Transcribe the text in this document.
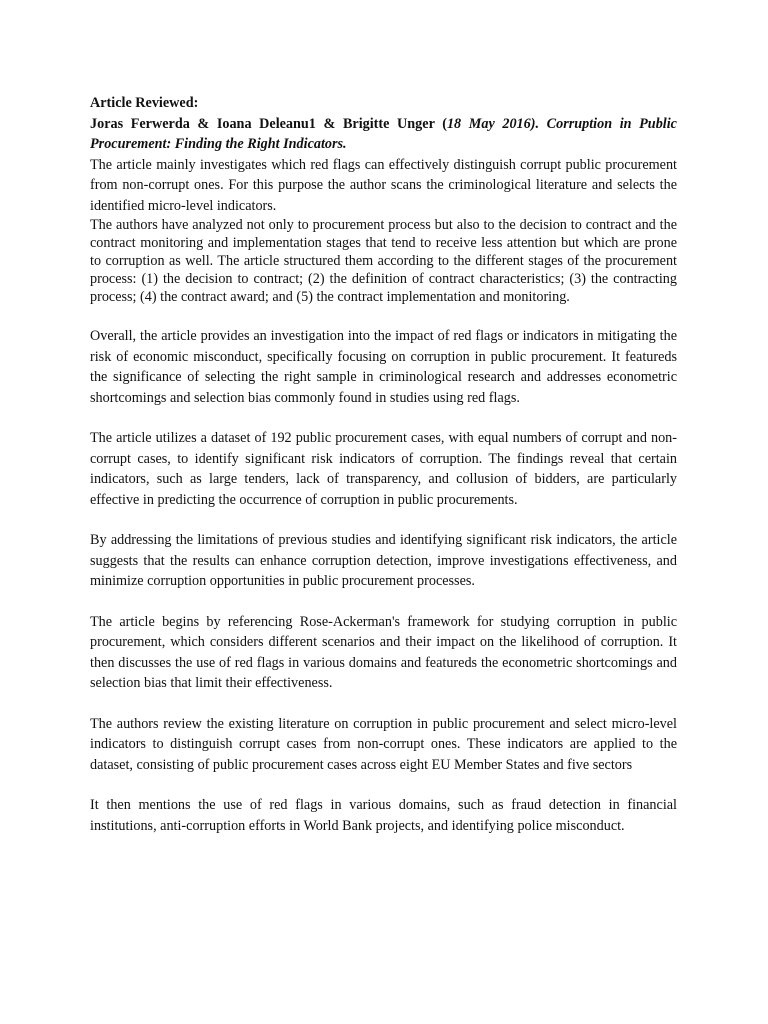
Article Reviewed:
Joras Ferwerda & Ioana Deleanu1 & Brigitte Unger (18 May 2016). Corruption in Public Procurement: Finding the Right Indicators.

The article mainly investigates which red flags can effectively distinguish corrupt public procurement from non-corrupt ones. For this purpose the author scans the criminological literature and selects the identified micro-level indicators.

The authors have analyzed not only to procurement process but also to the decision to contract and the contract monitoring and implementation stages that tend to receive less attention but which are prone to corruption as well. The article structured them according to the different stages of the procurement process: (1) the decision to contract; (2) the definition of contract characteristics; (3) the contracting process; (4) the contract award; and (5) the contract implementation and monitoring.

Overall, the article provides an investigation into the impact of red flags or indicators in mitigating the risk of economic misconduct, specifically focusing on corruption in public procurement. It featureds the significance of selecting the right sample in criminological research and addresses econometric shortcomings and selection bias commonly found in studies using red flags.

The article utilizes a dataset of 192 public procurement cases, with equal numbers of corrupt and non-corrupt cases, to identify significant risk indicators of corruption. The findings reveal that certain indicators, such as large tenders, lack of transparency, and collusion of bidders, are particularly effective in predicting the occurrence of corruption in public procurements.

By addressing the limitations of previous studies and identifying significant risk indicators, the article suggests that the results can enhance corruption detection, improve investigations effectiveness, and minimize corruption opportunities in public procurement processes.

The article begins by referencing Rose-Ackerman's framework for studying corruption in public procurement, which considers different scenarios and their impact on the likelihood of corruption. It then discusses the use of red flags in various domains and featureds the econometric shortcomings and selection bias that limit their effectiveness.

The authors review the existing literature on corruption in public procurement and select micro-level indicators to distinguish corrupt cases from non-corrupt ones. These indicators are applied to the dataset, consisting of public procurement cases across eight EU Member States and five sectors

It then mentions the use of red flags in various domains, such as fraud detection in financial institutions, anti-corruption efforts in World Bank projects, and identifying police misconduct.
